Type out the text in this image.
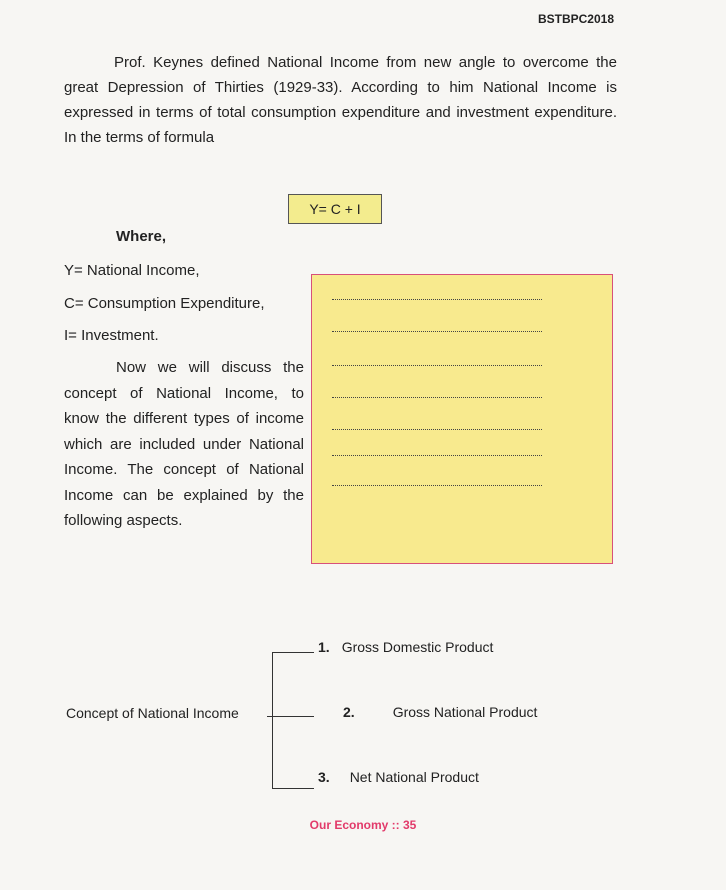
BSTBPC2018

Prof. Keynes defined National Income from new angle to overcome the great Depression of Thirties (1929-33). According to him National Income is expressed in terms of total consumption expenditure and investment expenditure. In the terms of formula

Y= C + I

Where,

Y= National Income,

C= Consumption Expenditure,

I= Investment.

Now we will discuss the concept of National Income, to know the different types of income which are included under National Income. The concept of National Income can be explained by the following aspects.

Concept of National Income
1. Gross Domestic Product
2.	Gross National Product
3. Net National Product
Our Economy :: 35
